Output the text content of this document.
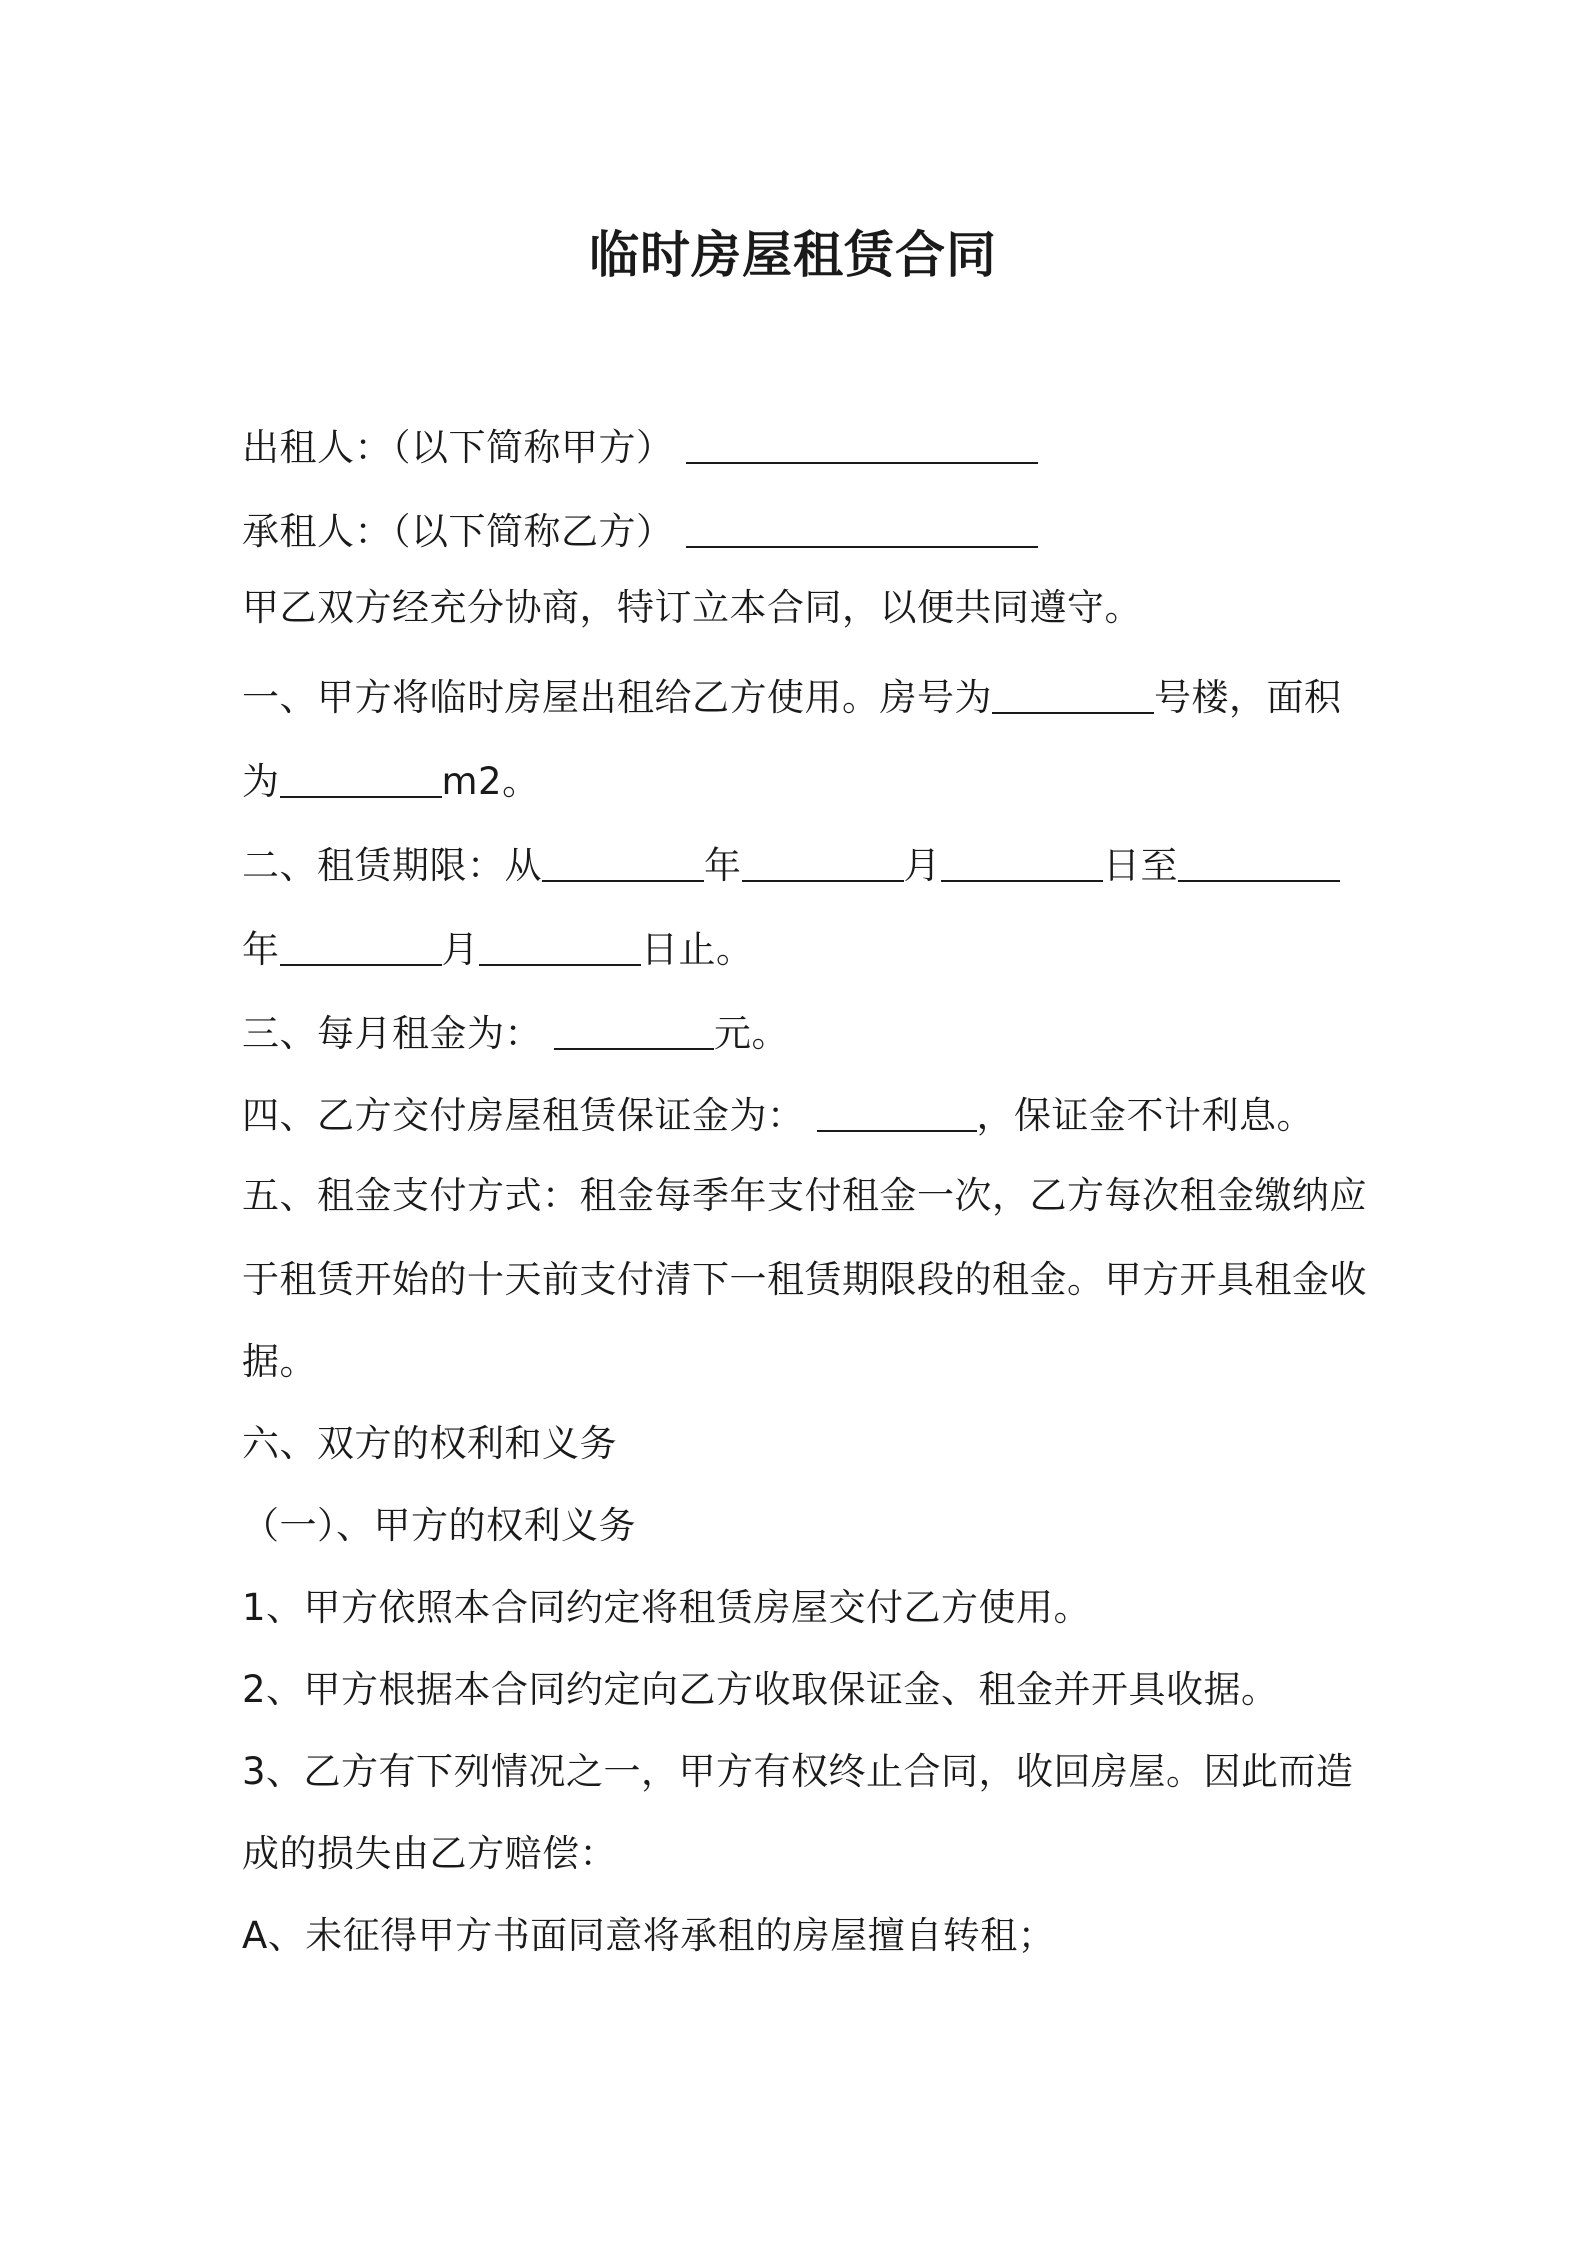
临时房屋租赁合同

出租人：（以下简称甲方）

承租人：（以下简称乙方）

甲乙双方经充分协商，特订立本合同，以便共同遵守。

一、甲方将临时房屋出租给乙方使用。房号为	号楼，面积

为	m2。

二、租赁期限：从	年	月	日至

年	月	日止。

三、每月租金为：	元。

四、乙方交付房屋租赁保证金为：	，保证金不计利息。

五、租金支付方式：租金每季年支付租金一次，乙方每次租金缴纳应

于租赁开始的十天前支付清下一租赁期限段的租金。甲方开具租金收

据。

六、双方的权利和义务

（一）、甲方的权利义务

1、甲方依照本合同约定将租赁房屋交付乙方使用。

2、甲方根据本合同约定向乙方收取保证金、租金并开具收据。

3、乙方有下列情况之一，甲方有权终止合同，收回房屋。因此而造

成的损失由乙方赔偿：

A、未征得甲方书面同意将承租的房屋擅自转租；
